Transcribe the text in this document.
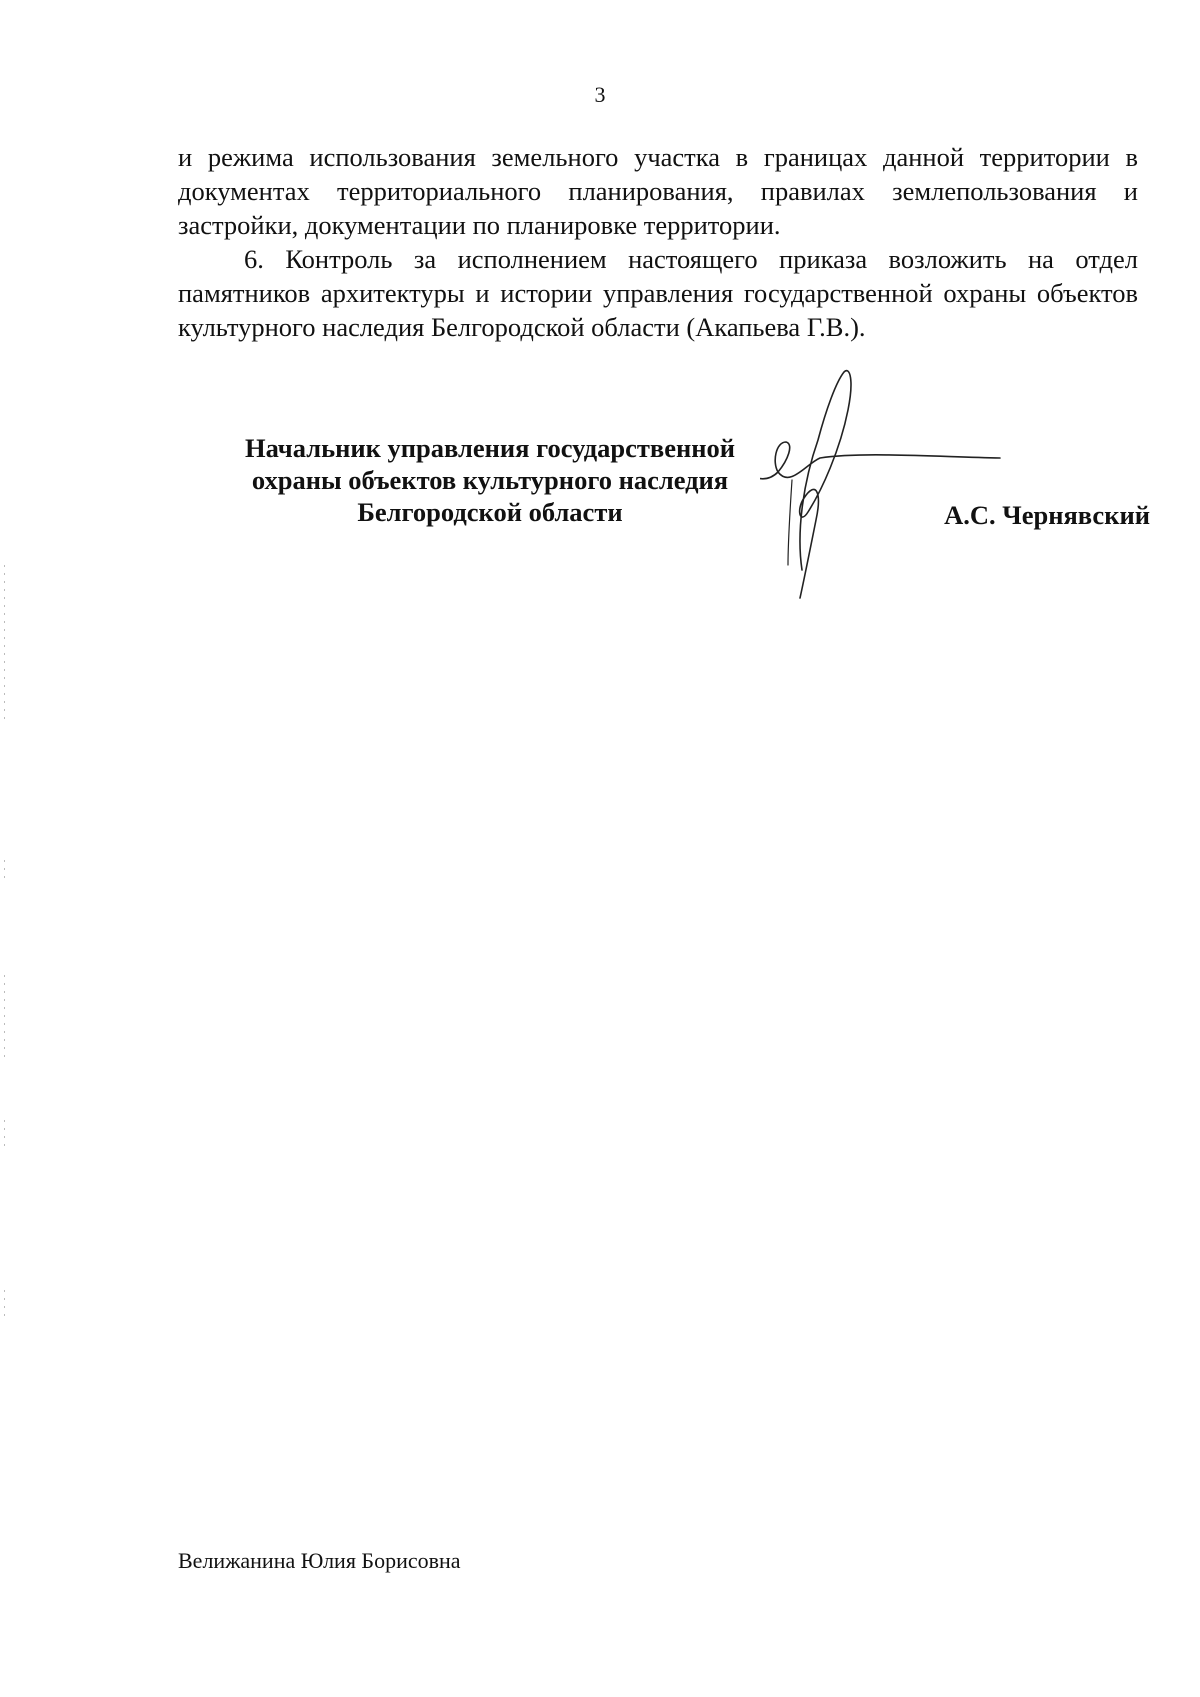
3

и режима использования земельного участка в границах данной территории в документах территориального планирования, правилах землепользования и застройки, документации по планировке территории.

6. Контроль за исполнением настоящего приказа возложить на отдел памятников архитектуры и истории управления государственной охраны объектов культурного наследия Белгородской области (Акапьева Г.В.).

Начальник управления государственной
охраны объектов культурного наследия
Белгородской области	А.С. Чернявский
Велижанина Юлия Борисовна
